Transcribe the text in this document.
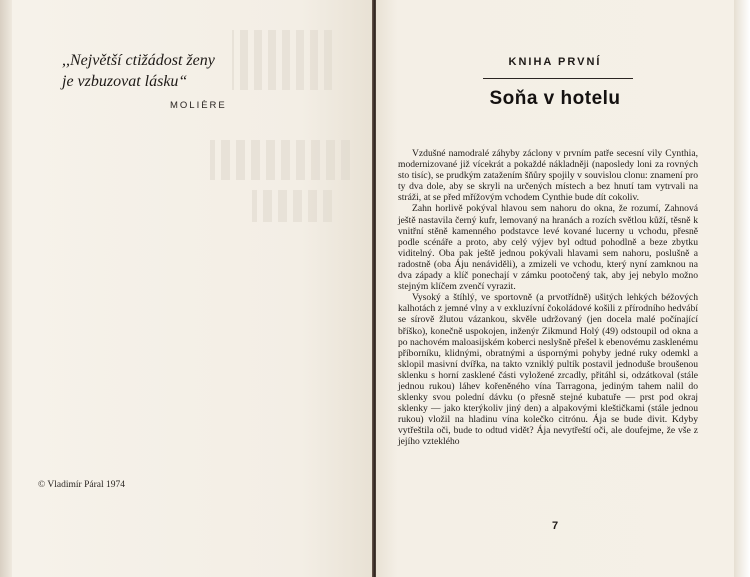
,,Největší ctižádost ženy
je vzbuzovat lásku“
MOLIÈRE
© Vladimír Páral 1974
KNIHA PRVNÍ
Soňa v hotelu

Vzdušné namodralé záhyby záclony v prvním patře secesní vily Cynthia, modernizované již vícekrát a pokaždé nákladněji (naposledy loni za rovných sto tisíc), se prudkým zatažením šňůry spojily v souvislou clonu: znamení pro ty dva dole, aby se skryli na určených místech a bez hnutí tam vytrvali na stráži, at se před mřížovým vchodem Cynthie bude dít cokoliv.

Zahn horlivě pokýval hlavou sem nahoru do okna, že rozumí, Zahnová ještě nastavila černý kufr, lemovaný na hranách a rozích světlou kůží, těsně k vnitřní stěně kamenného podstavce levé kované lucerny u vchodu, přesně podle scénáře a proto, aby celý výjev byl odtud pohodlně a beze zbytku viditelný. Oba pak ještě jednou pokývali hlavami sem nahoru, poslušně a radostně (oba Áju nenáviděli), a zmizeli ve vchodu, který nyní zamknou na dva západy a klíč ponechají v zámku pootočený tak, aby jej nebylo možno stejným klíčem zvenčí vyrazit.

Vysoký a štíhlý, ve sportovně (a prvotřídně) ušitých lehkých béžových kalhotách z jemné vlny a v exkluzívní čokoládové košili z přírodního hedvábí se sírově žlutou vázankou, skvěle udržovaný (jen docela malé počínající bříško), konečně uspokojen, inženýr Zikmund Holý (49) odstoupil od okna a po nachovém maloasijském koberci neslyšně přešel k ebenovému zasklenému příborníku, klidnými, obratnými a úspornými pohyby jedné ruky odemkl a sklopil masivní dvířka, na takto vzniklý pultík postavil jednoduše broušenou sklenku s horní zasklené části vyložené zrcadly, přitáhl si, odzátkoval (stále jednou rukou) láhev kořeněného vína Tarragona, jediným tahem nalil do sklenky svou polední dávku (o přesně stejné kubatuře — prst pod okraj sklenky — jako kterýkoliv jiný den) a alpakovými kleštičkami (stále jednou rukou) vložil na hladinu vína kolečko citrónu. Ája se bude divit. Kdyby vytřeštila oči, bude to odtud vidět? Ája nevytřeští oči, ale doufejme, že vše z jejího vzteklého

7
